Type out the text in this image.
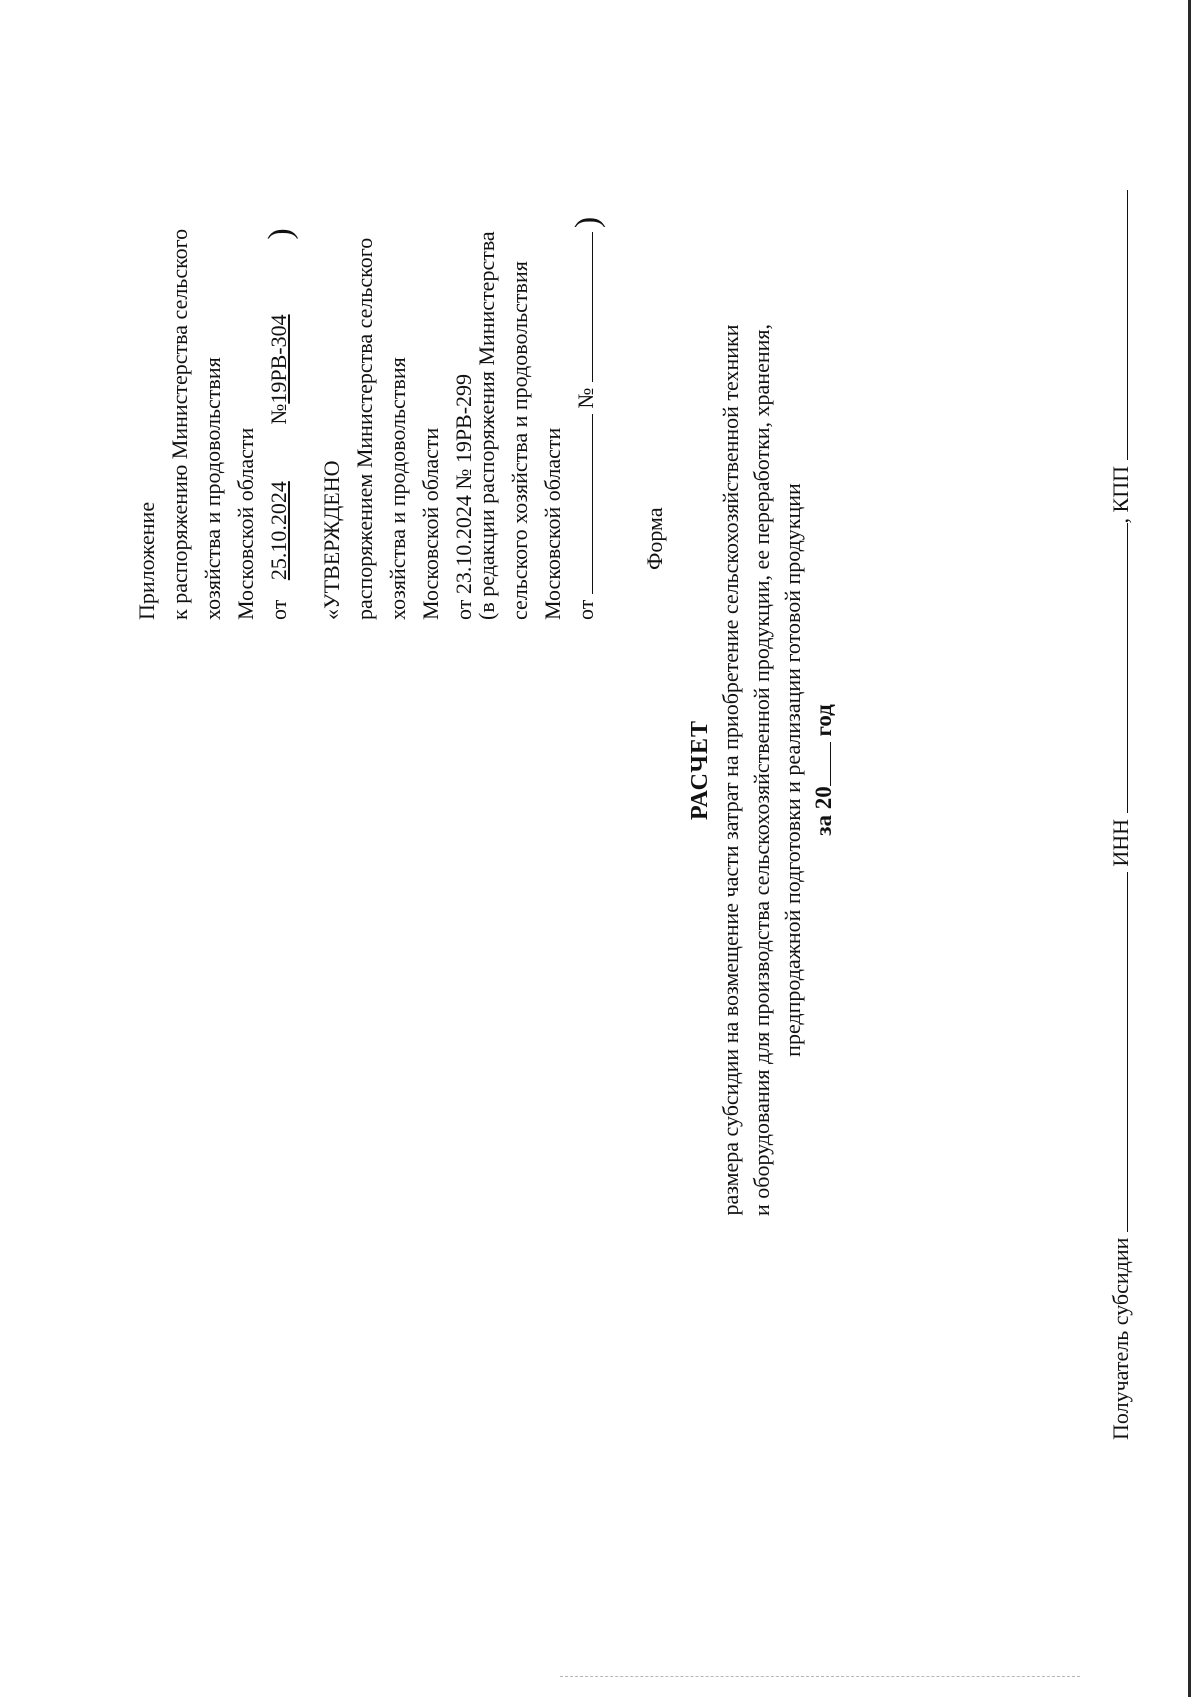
Приложение к распоряжению Министерства сельского хозяйства и продовольствия Московской области от 25.10.2024 №19РВ-304)
«УТВЕРЖДЕНО распоряжением Министерства сельского хозяйства и продовольствия Московской области от 23.10.2024 № 19РВ-299
(в редакции распоряжения Министерства сельского хозяйства и продовольствия Московской области от  № )
Форма
РАСЧЕТ размера субсидии на возмещение части затрат на приобретение сельскохозяйственной техники и оборудования для производства сельскохозяйственной продукции, ее переработки, хранения, предпродажной подготовки и реализации готовой продукции за 20 год
Получатель субсидии  ИНН , КПП
